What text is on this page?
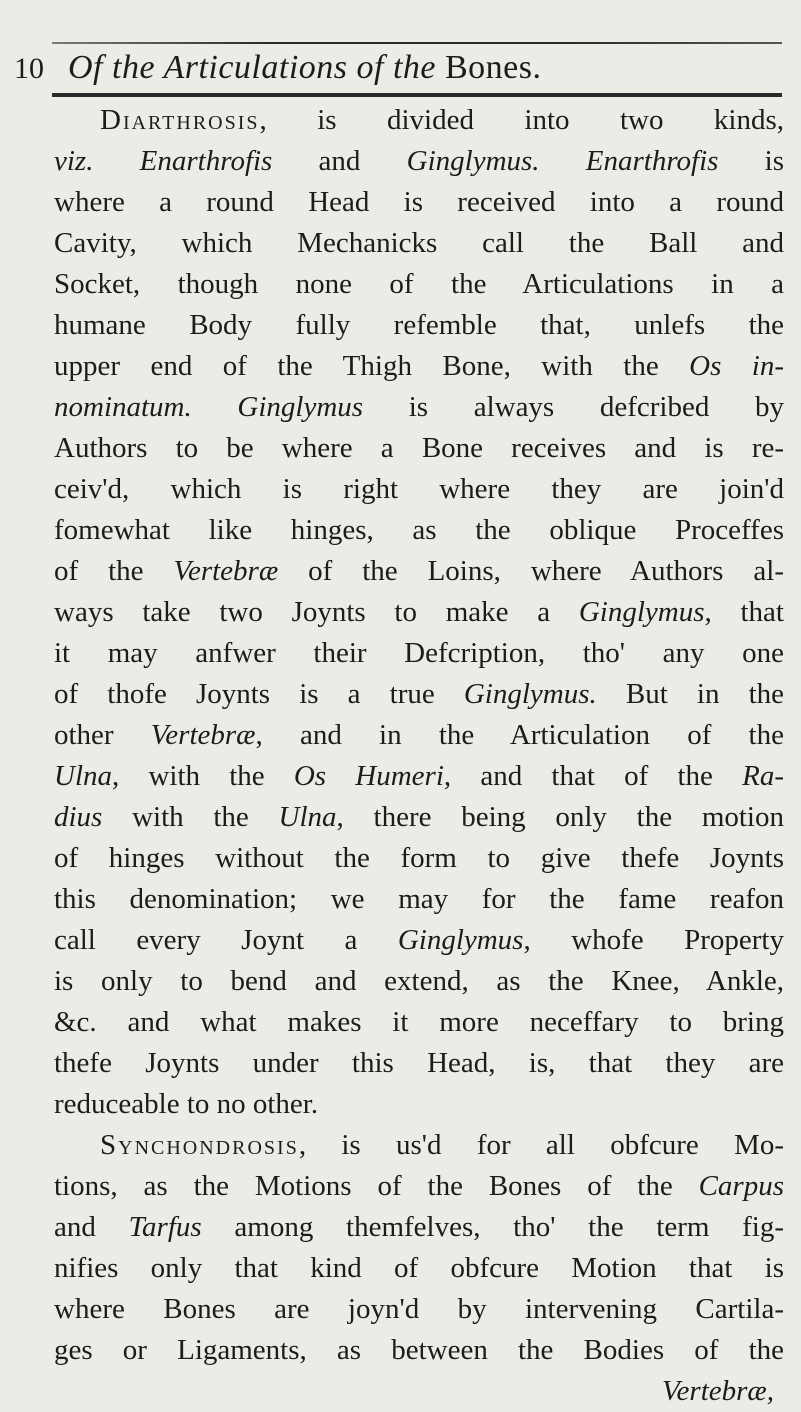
10 Of the Articulations of the Bones.
Diarthrosis, is divided into two kinds,
viz. Enarthrofis and Ginglymus. Enarthrofis is
where a round Head is received into a round
Cavity, which Mechanicks call the Ball and
Socket, though none of the Articulations in a
humane Body fully refemble that, unlefs the
upper end of the Thigh Bone, with the Os in-
nominatum. Ginglymus is always defcribed by
Authors to be where a Bone receives and is re-
ceiv'd, which is right where they are join'd
fomewhat like hinges, as the oblique Proceffes
of the Vertebræ of the Loins, where Authors al-
ways take two Joynts to make a Ginglymus, that
it may anfwer their Defcription, tho' any one
of thofe Joynts is a true Ginglymus. But in the
other Vertebræ, and in the Articulation of the
Ulna, with the Os Humeri, and that of the Ra-
dius with the Ulna, there being only the motion
of hinges without the form to give thefe Joynts
this denomination; we may for the fame reafon
call every Joynt a Ginglymus, whofe Property
is only to bend and extend, as the Knee, Ankle,
&c. and what makes it more neceffary to bring
thefe Joynts under this Head, is, that they are
reduceable to no other.
Synchondrosis, is us'd for all obfcure Mo-
tions, as the Motions of the Bones of the Carpus
and Tarfus among themfelves, tho' the term fig-
nifies only that kind of obfcure Motion that is
where Bones are joyn'd by intervening Cartila-
ges or Ligaments, as between the Bodies of the
Vertebræ,
